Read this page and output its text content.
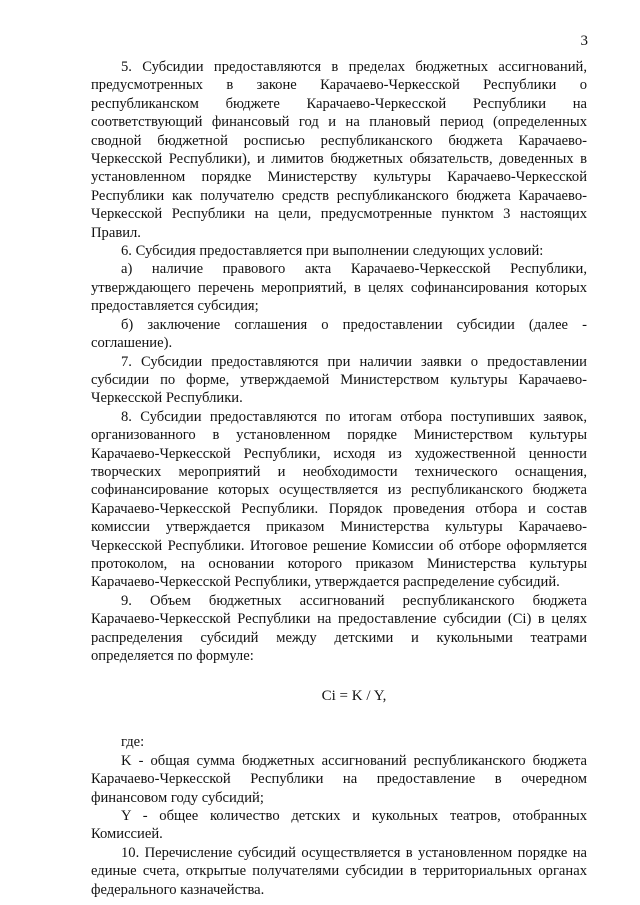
3

5. Субсидии предоставляются в пределах бюджетных ассигнований, предусмотренных в законе Карачаево-Черкесской Республики о республиканском бюджете Карачаево-Черкесской Республики на соответствующий финансовый год и на плановый период (определенных сводной бюджетной росписью республиканского бюджета Карачаево-Черкесской Республики), и лимитов бюджетных обязательств, доведенных в установленном порядке Министерству культуры Карачаево-Черкесской Республики как получателю средств республиканского бюджета Карачаево-Черкесской Республики на цели, предусмотренные пунктом 3 настоящих Правил.

6. Субсидия предоставляется при выполнении следующих условий:

а) наличие правового акта Карачаево-Черкесской Республики, утверждающего перечень мероприятий, в целях софинансирования которых предоставляется субсидия;

б) заключение соглашения о предоставлении субсидии (далее - соглашение).

7. Субсидии предоставляются при наличии заявки о предоставлении субсидии по форме, утверждаемой Министерством культуры Карачаево-Черкесской Республики.

8. Субсидии предоставляются по итогам отбора поступивших заявок, организованного в установленном порядке Министерством культуры Карачаево-Черкесской Республики, исходя из художественной ценности творческих мероприятий и необходимости технического оснащения, софинансирование которых осуществляется из республиканского бюджета Карачаево-Черкесской Республики. Порядок проведения отбора и состав комиссии утверждается приказом Министерства культуры Карачаево-Черкесской Республики. Итоговое решение Комиссии об отборе оформляется протоколом, на основании которого приказом Министерства культуры Карачаево-Черкесской Республики, утверждается распределение субсидий.

9. Объем бюджетных ассигнований республиканского бюджета Карачаево-Черкесской Республики на предоставление субсидии (Ci) в целях распределения субсидий между детскими и кукольными театрами определяется по формуле:

Ci = K / Y,

где:

K - общая сумма бюджетных ассигнований республиканского бюджета Карачаево-Черкесской Республики на предоставление в очередном финансовом году субсидий;

Y - общее количество детских и кукольных театров, отобранных Комиссией.

10. Перечисление субсидий осуществляется в установленном порядке на единые счета, открытые получателями субсидии в территориальных органах федерального казначейства.
